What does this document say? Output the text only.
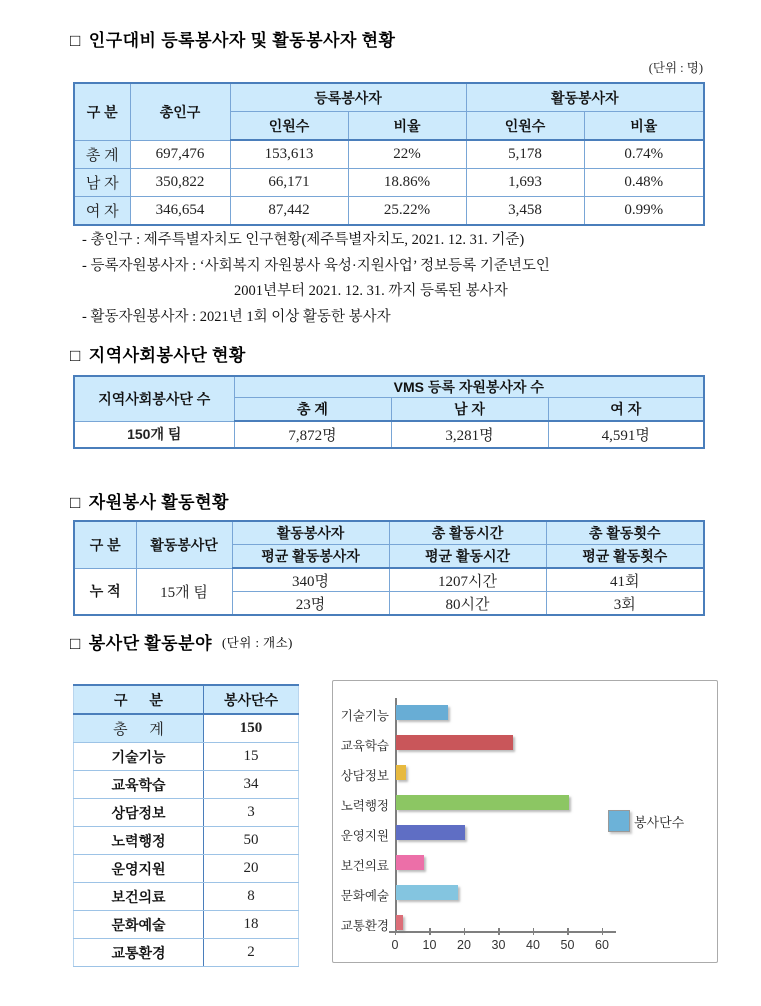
□ 인구대비 등록봉사자 및 활동봉사자 현황
(단위 : 명)
구 분	총인구	등록봉사자		활동봉사자	
		인원수	비율	인원수	비율
총 계	697,476	153,613	22%	5,178	0.74%
남 자	350,822	66,171	18.86%	1,693	0.48%
여 자	346,654	87,442	25.22%	3,458	0.99%
- 총인구 : 제주특별자치도 인구현황(제주특별자치도, 2021. 12. 31. 기준)
- 등록자원봉사자 : ‘사회복지 자원봉사 육성·지원사업’ 정보등록 기준년도인
2001년부터 2021. 12. 31. 까지 등록된 봉사자
- 활동자원봉사자 : 2021년 1회 이상 활동한 봉사자
□ 지역사회봉사단 현황
지역사회봉사단 수	VMS 등록 자원봉사자 수		
	총 계	남 자	여 자
150개 팀	7,872명	3,281명	4,591명
□ 자원봉사 활동현황
구 분	활동봉사단	활동봉사자	총 활동시간	총 활동횟수
		평균 활동봉사자	평균 활동시간	평균 활동횟수
누 적	15개 팀	340명	1207시간	41회
		23명	80시간	3회
□ 봉사단 활동분야 (단위 : 개소)
구 분	봉사단수
총 계	150
기술기능	15
교육학습	34
상담정보	3
노력행정	50
운영지원	20
보건의료	8
문화예술	18
교통환경	2
기술기능
교육학습
상담정보
노력행정
운영지원
보건의료
문화예술
교통환경
0	10	20	30	40	50	60
봉사단수
